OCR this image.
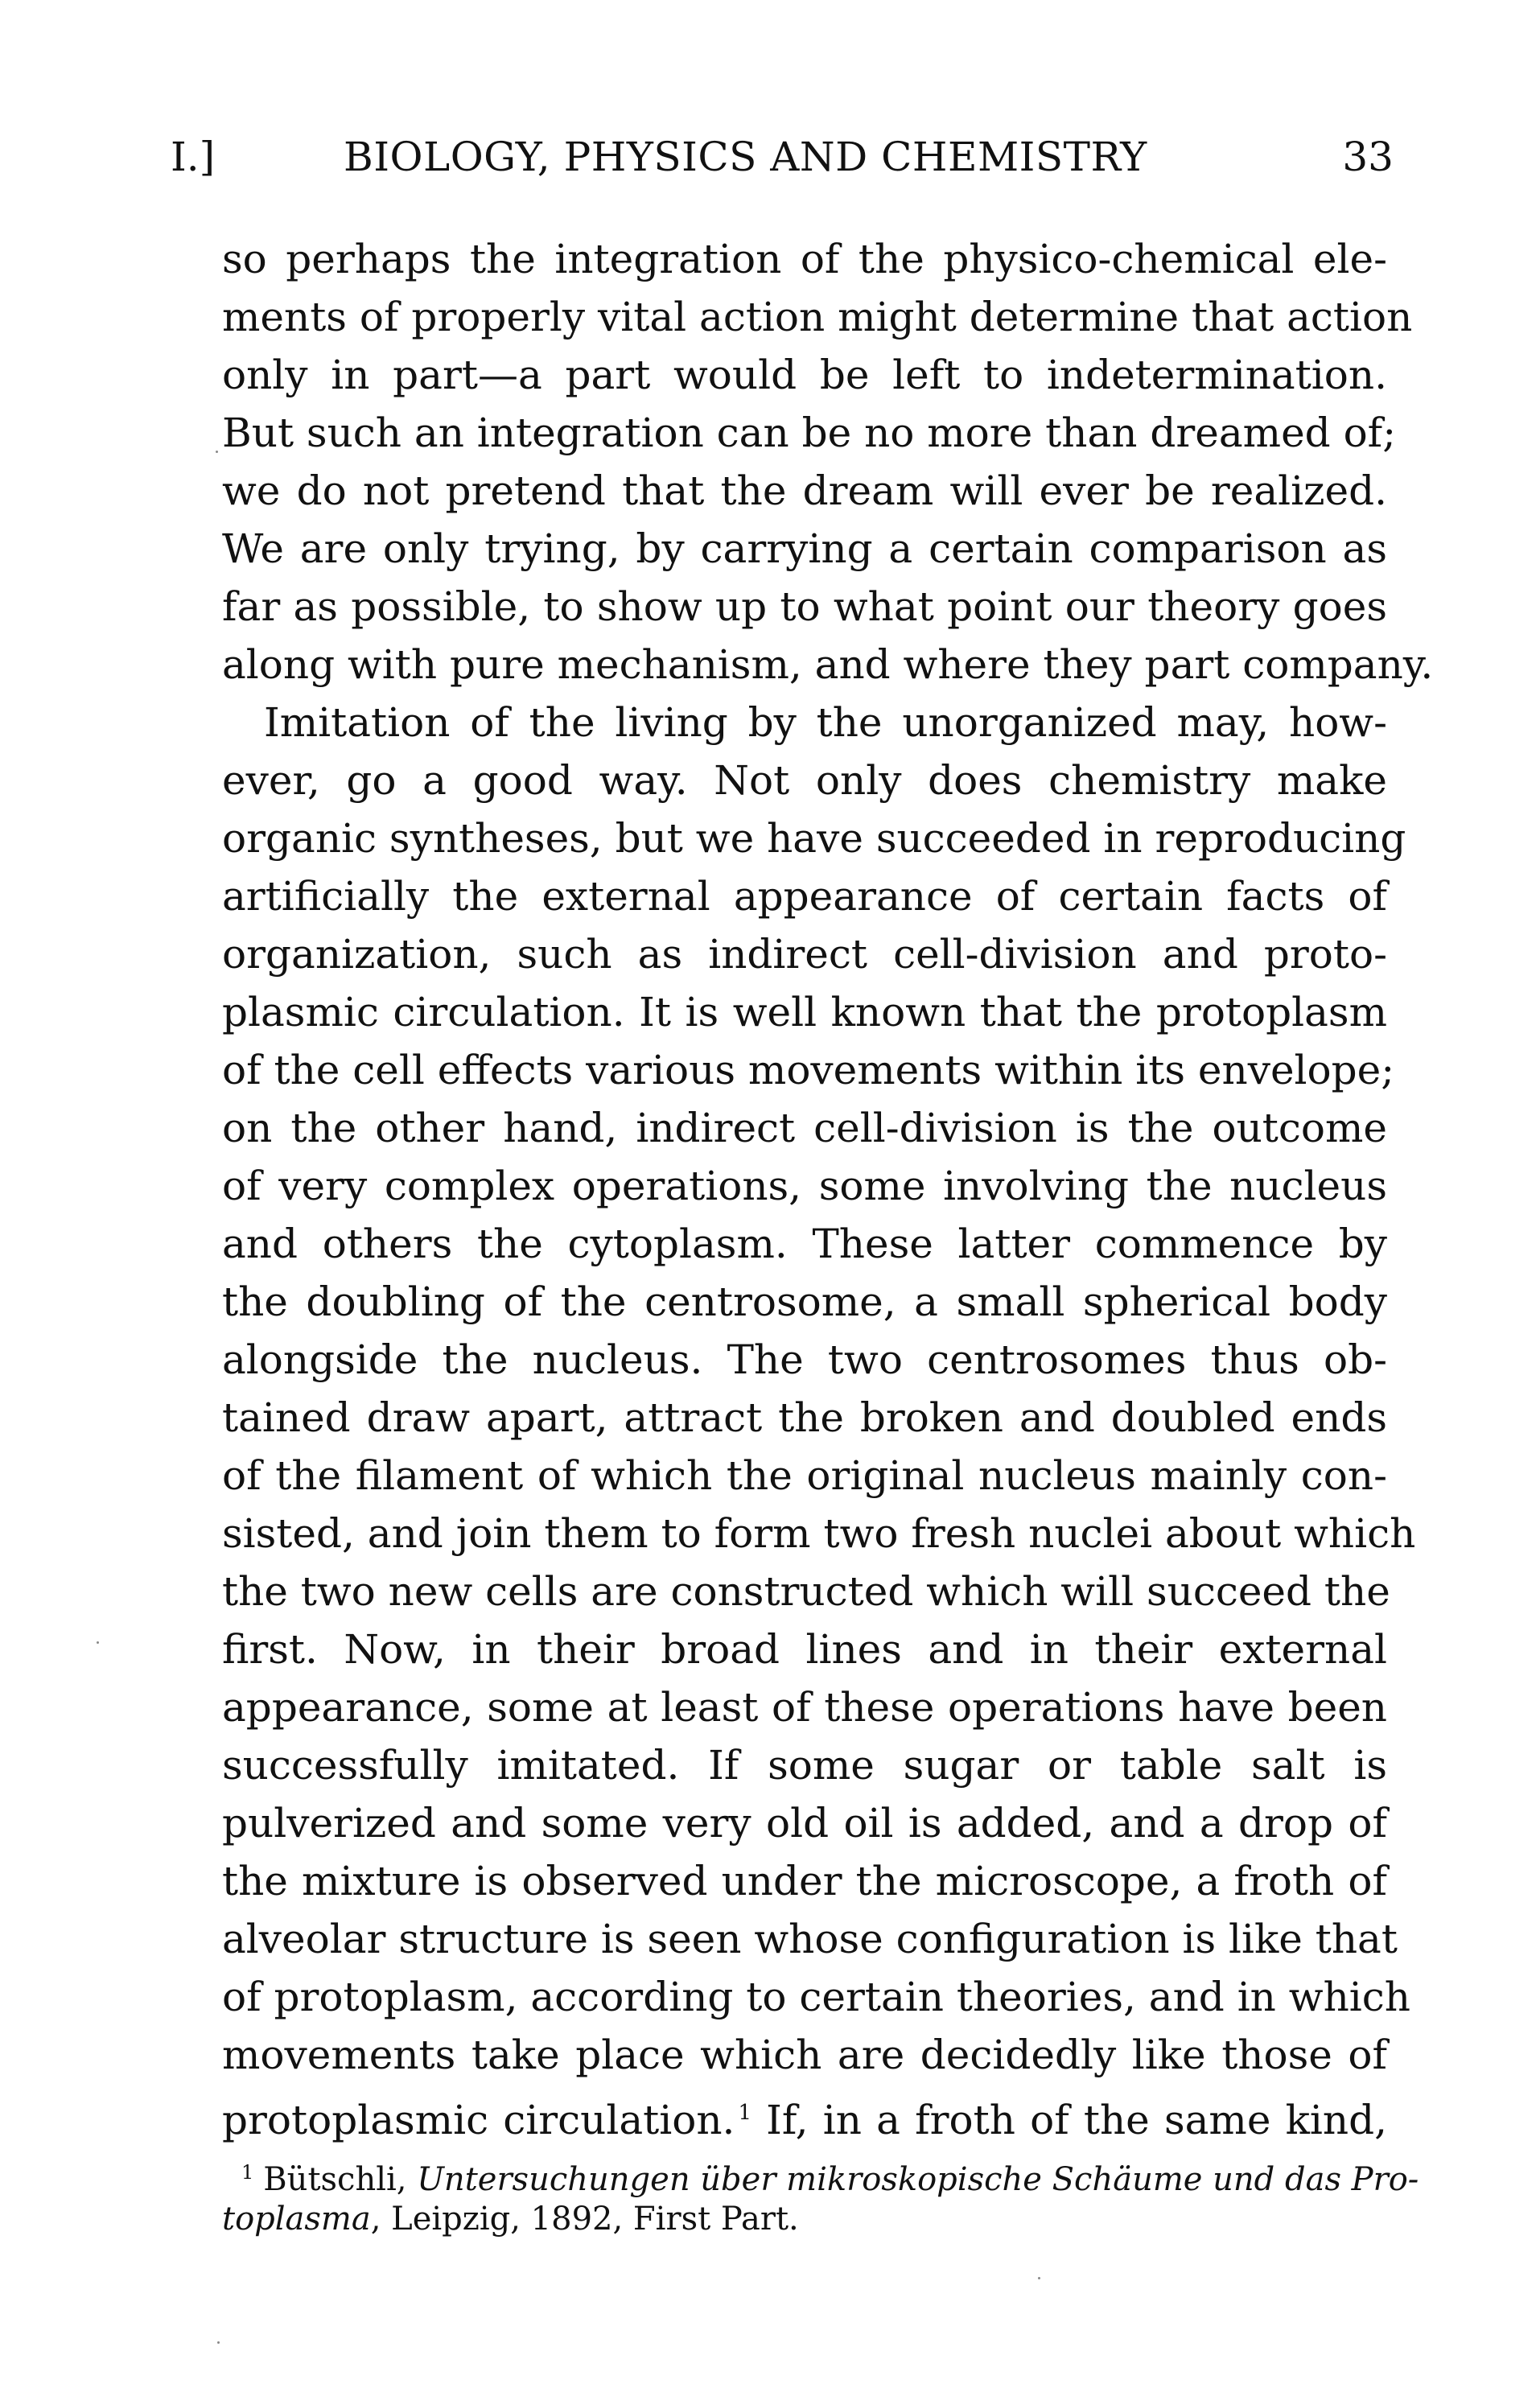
I.]	BIOLOGY, PHYSICS AND CHEMISTRY	33
so perhaps the integration of the physico-chemical ele-
ments of properly vital action might determine that action
only in part—a part would be left to indetermination.
But such an integration can be no more than dreamed of;
we do not pretend that the dream will ever be realized.
We are only trying, by carrying a certain comparison as
far as possible, to show up to what point our theory goes
along with pure mechanism, and where they part company.
Imitation of the living by the unorganized may, how-
ever, go a good way. Not only does chemistry make
organic syntheses, but we have succeeded in reproducing
artificially the external appearance of certain facts of
organization, such as indirect cell-division and proto-
plasmic circulation. It is well known that the protoplasm
of the cell effects various movements within its envelope;
on the other hand, indirect cell-division is the outcome
of very complex operations, some involving the nucleus
and others the cytoplasm. These latter commence by
the doubling of the centrosome, a small spherical body
alongside the nucleus. The two centrosomes thus ob-
tained draw apart, attract the broken and doubled ends
of the filament of which the original nucleus mainly con-
sisted, and join them to form two fresh nuclei about which
the two new cells are constructed which will succeed the
first. Now, in their broad lines and in their external
appearance, some at least of these operations have been
successfully imitated. If some sugar or table salt is
pulverized and some very old oil is added, and a drop of
the mixture is observed under the microscope, a froth of
alveolar structure is seen whose configuration is like that
of protoplasm, according to certain theories, and in which
movements take place which are decidedly like those of
protoplasmic circulation. $^1$ If, in a froth of the same kind,
$^1$ Bütschli, Untersuchungen über mikroskopische Schäume und das Pro-
toplasma, Leipzig, 1892, First Part.
